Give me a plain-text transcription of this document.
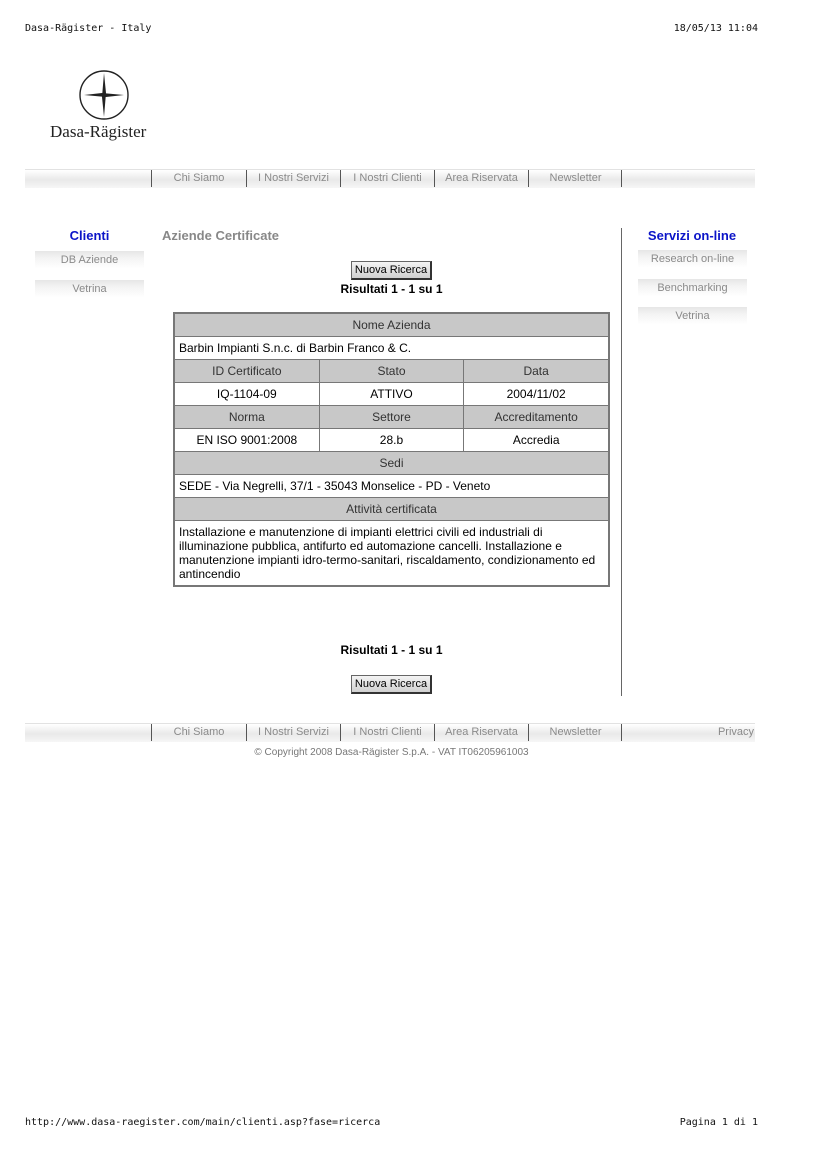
Dasa-Rägister - Italy	18/05/13 11:04
Dasa-Rägister
Chi Siamo	I Nostri Servizi	I Nostri Clienti	Area Riservata	Newsletter
Clienti
DB Aziende
Vetrina
Aziende Certificate
Nuova Ricerca
Risultati 1 - 1 su 1
Nome Azienda		
Barbin Impianti S.n.c. di Barbin Franco & C.		
ID Certificato	Stato	Data
IQ-1104-09	ATTIVO	2004/11/02
Norma	Settore	Accreditamento
EN ISO 9001:2008	28.b	Accredia
Sedi		
SEDE - Via Negrelli, 37/1 - 35043 Monselice - PD - Veneto		
Attività certificata		
Installazione e manutenzione di impianti elettrici civili ed industriali di illuminazione pubblica, antifurto ed automazione cancelli. Installazione e manutenzione impianti idro-termo-sanitari, riscaldamento, condizionamento ed antincendio		
Risultati 1 - 1 su 1
Nuova Ricerca
Servizi on-line
Research on-line
Benchmarking
Vetrina
Chi Siamo	I Nostri Servizi	I Nostri Clienti	Area Riservata	Newsletter	Privacy
© Copyright 2008 Dasa-Rägister S.p.A. - VAT IT06205961003
http://www.dasa-raegister.com/main/clienti.asp?fase=ricerca	Pagina 1 di 1
